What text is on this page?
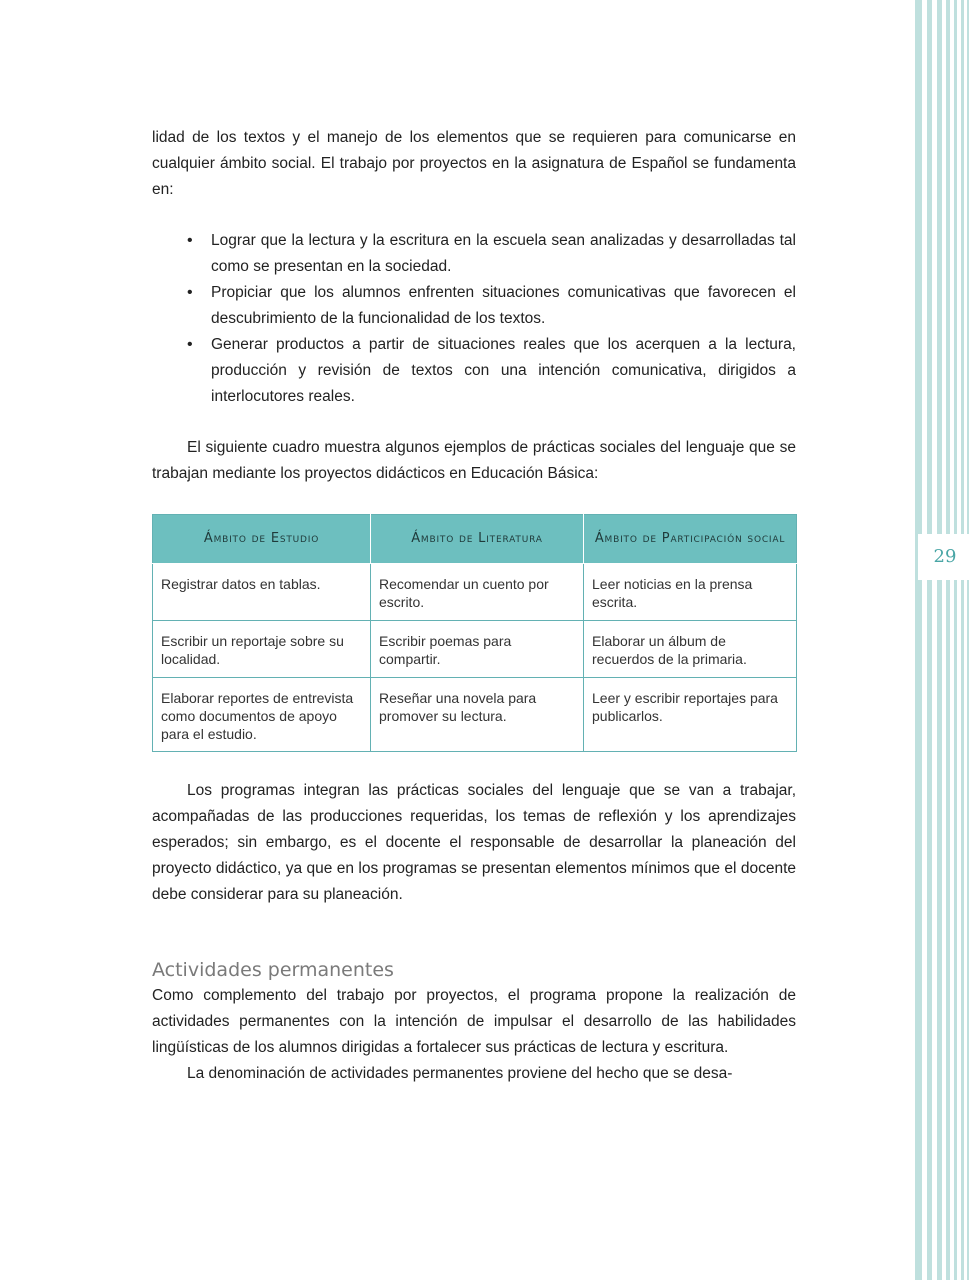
lidad de los textos y el manejo de los elementos que se requieren para comunicarse en cualquier ámbito social. El trabajo por proyectos en la asignatura de Español se fundamenta en:

• Lograr que la lectura y la escritura en la escuela sean analizadas y desarrolladas tal como se presentan en la sociedad.
• Propiciar que los alumnos enfrenten situaciones comunicativas que favorecen el descubrimiento de la funcionalidad de los textos.
• Generar productos a partir de situaciones reales que los acerquen a la lectura, producción y revisión de textos con una intención comunicativa, dirigidos a interlocutores reales.

El siguiente cuadro muestra algunos ejemplos de prácticas sociales del lenguaje que se trabajan mediante los proyectos didácticos en Educación Básica:

Ámbito de Estudio	Ámbito de Literatura	Ámbito de Participación social
Registrar datos en tablas.	Recomendar un cuento por escrito.	Leer noticias en la prensa escrita.
Escribir un reportaje sobre su localidad.	Escribir poemas para compartir.	Elaborar un álbum de recuerdos de la primaria.
Elaborar reportes de entrevista como documentos de apoyo para el estudio.	Reseñar una novela para promover su lectura.	Leer y escribir reportajes para publicarlos.

Los programas integran las prácticas sociales del lenguaje que se van a trabajar, acompañadas de las producciones requeridas, los temas de reflexión y los aprendizajes esperados; sin embargo, es el docente el responsable de desarrollar la planeación del proyecto didáctico, ya que en los programas se presentan elementos mínimos que el docente debe considerar para su planeación.

Actividades permanentes

Como complemento del trabajo por proyectos, el programa propone la realización de actividades permanentes con la intención de impulsar el desarrollo de las habilidades lingüísticas de los alumnos dirigidas a fortalecer sus prácticas de lectura y escritura.

La denominación de actividades permanentes proviene del hecho que se desa-

29
